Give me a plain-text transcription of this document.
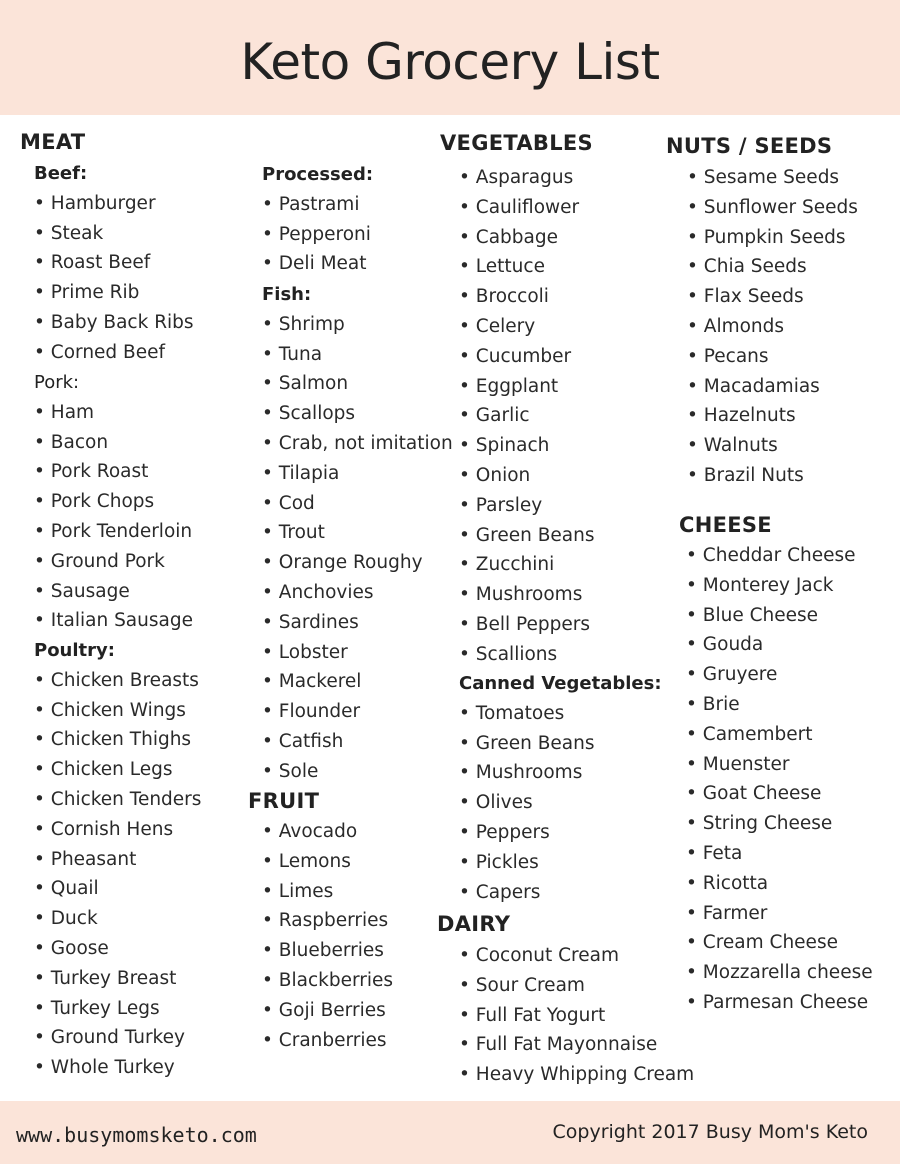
Keto Grocery List
MEAT
Beef:
• Hamburger
• Steak
• Roast Beef
• Prime Rib
• Baby Back Ribs
• Corned Beef
Pork:
• Ham
• Bacon
• Pork Roast
• Pork Chops
• Pork Tenderloin
• Ground Pork
• Sausage
• Italian Sausage
Poultry:
• Chicken Breasts
• Chicken Wings
• Chicken Thighs
• Chicken Legs
• Chicken Tenders
• Cornish Hens
• Pheasant
• Quail
• Duck
• Goose
• Turkey Breast
• Turkey Legs
• Ground Turkey
• Whole Turkey
Processed:
• Pastrami
• Pepperoni
• Deli Meat
Fish:
• Shrimp
• Tuna
• Salmon
• Scallops
• Crab, not imitation
• Tilapia
• Cod
• Trout
• Orange Roughy
• Anchovies
• Sardines
• Lobster
• Mackerel
• Flounder
• Catfish
• Sole
FRUIT
• Avocado
• Lemons
• Limes
• Raspberries
• Blueberries
• Blackberries
• Goji Berries
• Cranberries
VEGETABLES
• Asparagus
• Cauliflower
• Cabbage
• Lettuce
• Broccoli
• Celery
• Cucumber
• Eggplant
• Garlic
• Spinach
• Onion
• Parsley
• Green Beans
• Zucchini
• Mushrooms
• Bell Peppers
• Scallions
Canned Vegetables:
• Tomatoes
• Green Beans
• Mushrooms
• Olives
• Peppers
• Pickles
• Capers
DAIRY
• Coconut Cream
• Sour Cream
• Full Fat Yogurt
• Full Fat Mayonnaise
• Heavy Whipping Cream
NUTS / SEEDS
• Sesame Seeds
• Sunflower Seeds
• Pumpkin Seeds
• Chia Seeds
• Flax Seeds
• Almonds
• Pecans
• Macadamias
• Hazelnuts
• Walnuts
• Brazil Nuts
CHEESE
• Cheddar Cheese
• Monterey Jack
• Blue Cheese
• Gouda
• Gruyere
• Brie
• Camembert
• Muenster
• Goat Cheese
• String Cheese
• Feta
• Ricotta
• Farmer
• Cream Cheese
• Mozzarella cheese
• Parmesan Cheese
www.busymomsketo.com	Copyright 2017 Busy Mom's Keto
